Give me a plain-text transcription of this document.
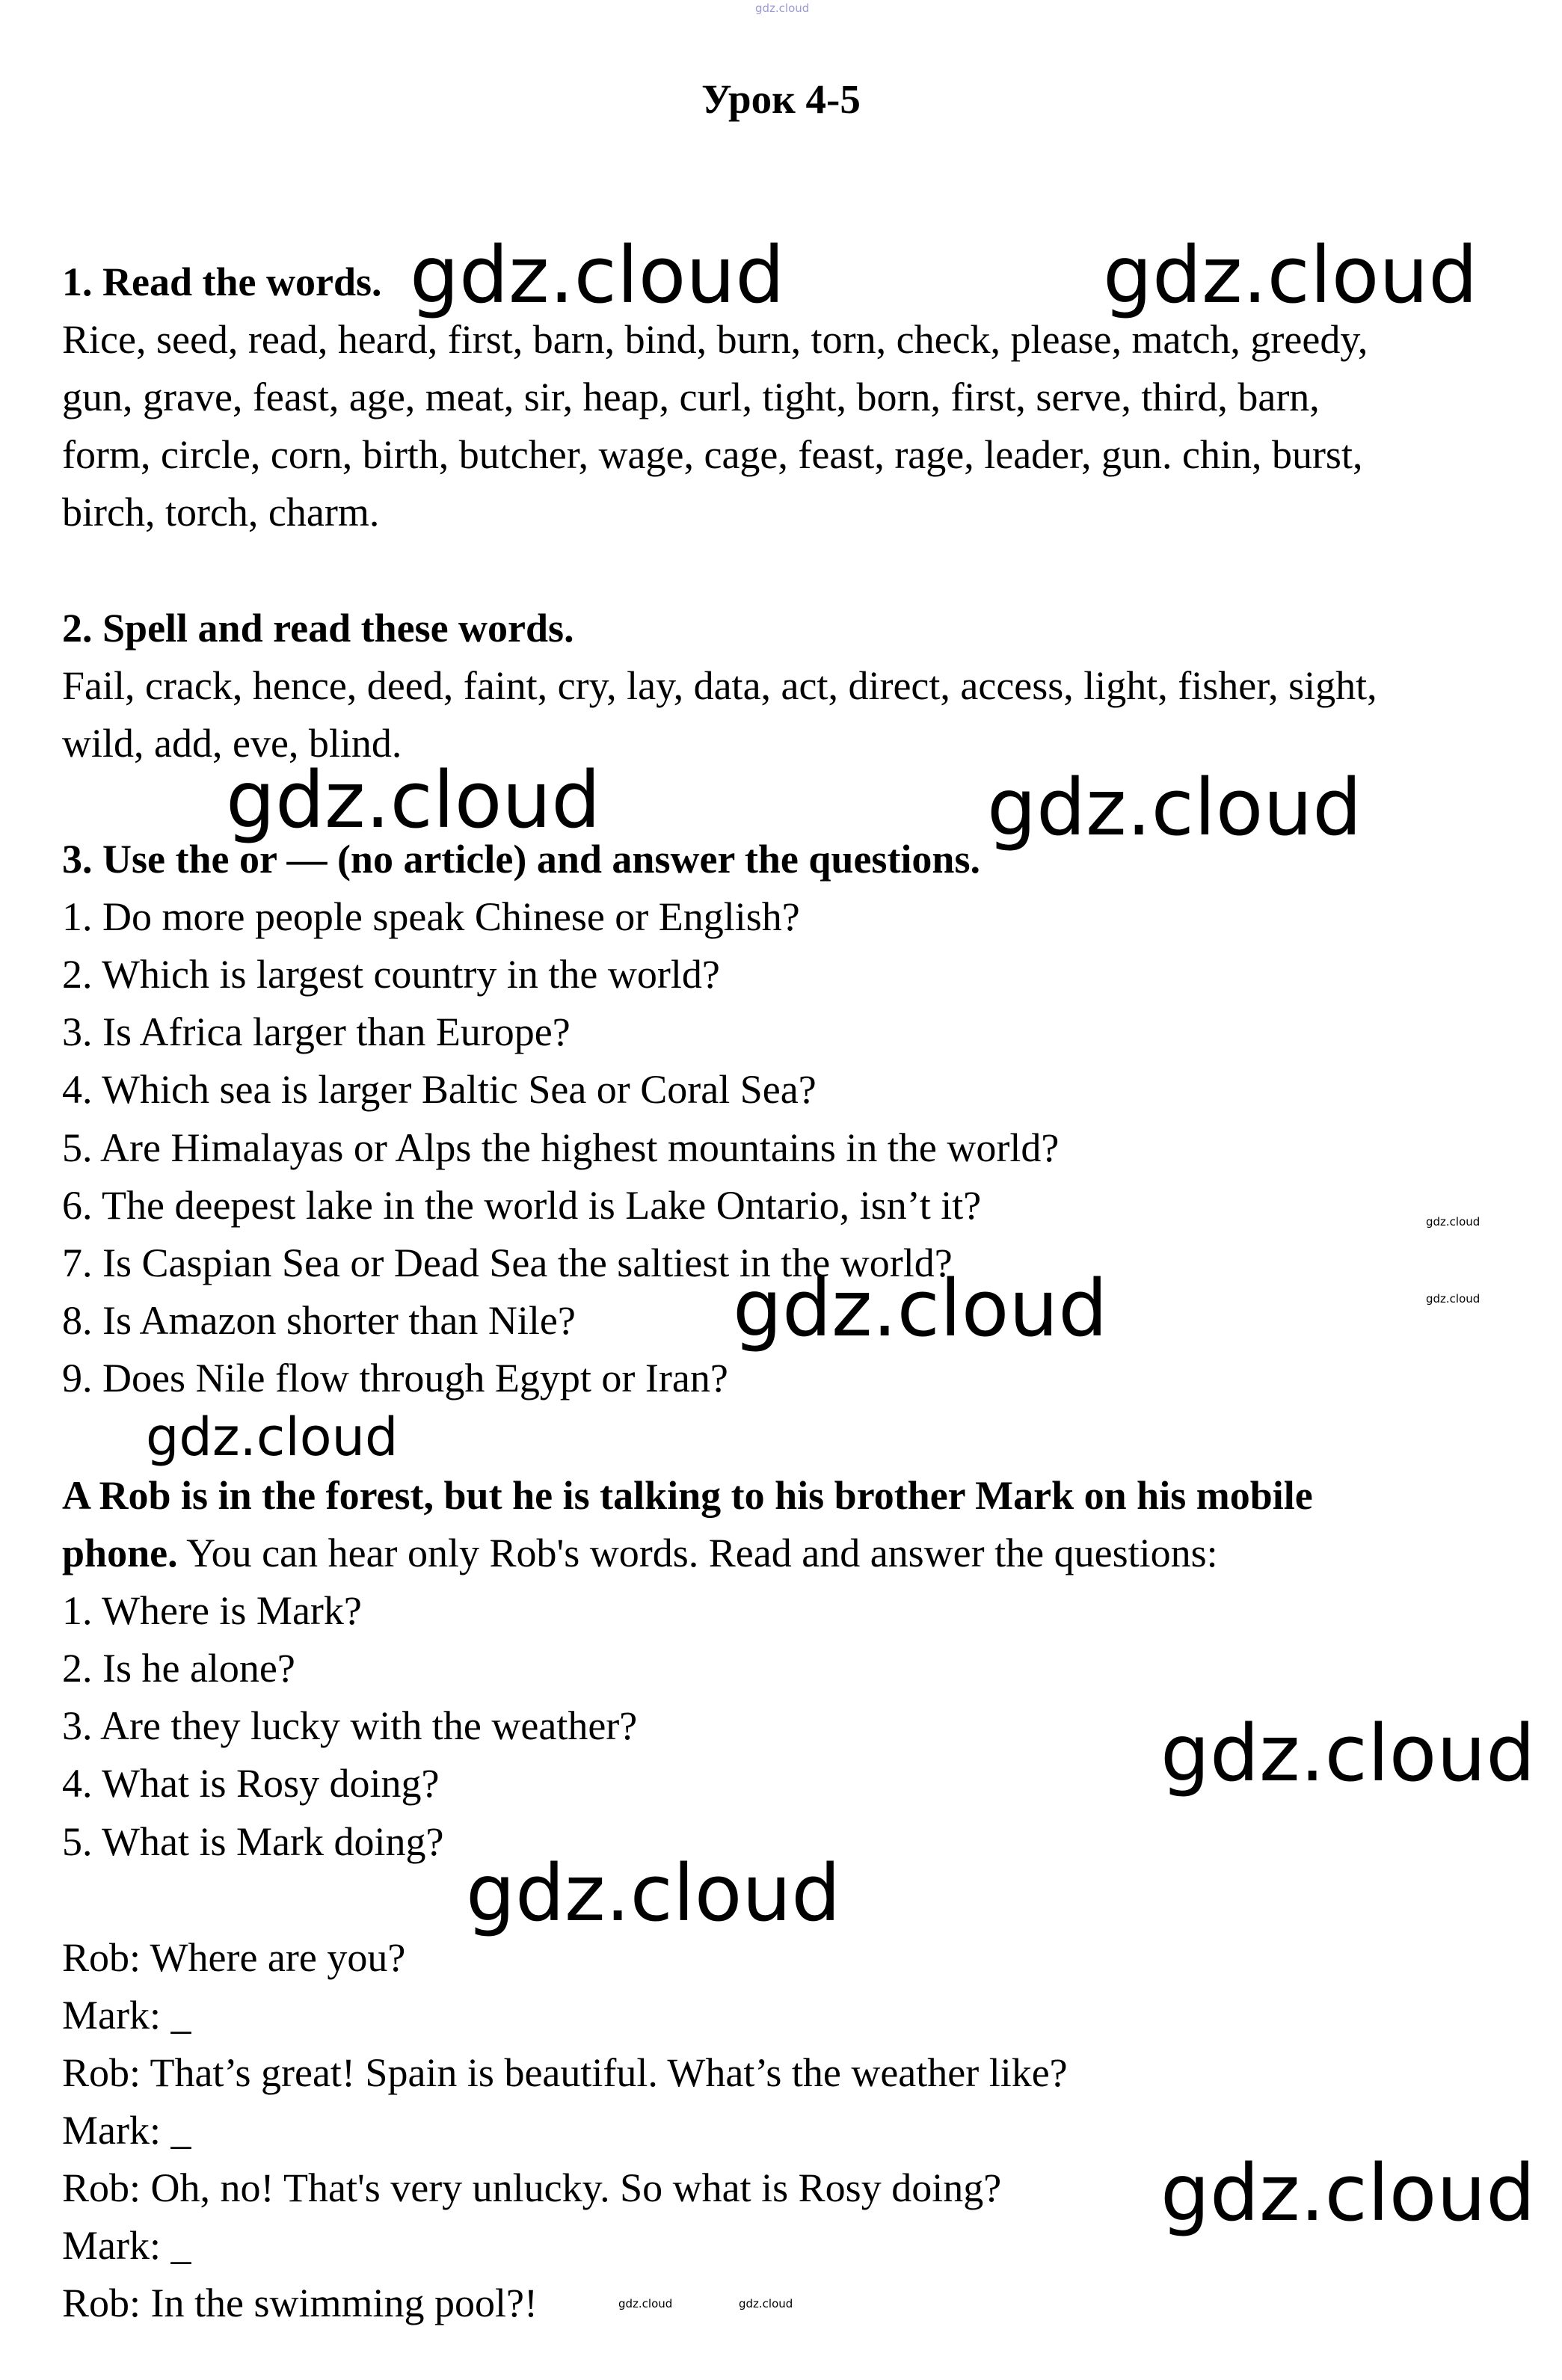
gdz.cloud
Урок 4-5
1. Read the words.
Rice, seed, read, heard, first, barn, bind, burn, torn, check, please, match, greedy,
gun, grave, feast, age, meat, sir, heap, curl, tight, born, first, serve, third, barn,
form, circle, corn, birth, butcher, wage, cage, feast, rage, leader, gun. chin, burst,
birch, torch, charm.
2. Spell and read these words.
Fail, crack, hence, deed, faint, cry, lay, data, act, direct, access, light, fisher, sight,
wild, add, eve, blind.
3. Use the or — (no article) and answer the questions.
1. Do more people speak Chinese or English?
2. Which is largest country in the world?
3. Is Africa larger than Europe?
4. Which sea is larger Baltic Sea or Coral Sea?
5. Are Himalayas or Alps the highest mountains in the world?
6. The deepest lake in the world is Lake Ontario, isn’t it?
7. Is Caspian Sea or Dead Sea the saltiest in the world?
8. Is Amazon shorter than Nile?
9. Does Nile flow through Egypt or Iran?
A Rob is in the forest, but he is talking to his brother Mark on his mobile
phone. You can hear only Rob's words. Read and answer the questions:
1. Where is Mark?
2. Is he alone?
3. Are they lucky with the weather?
4. What is Rosy doing?
5. What is Mark doing?
Rob: Where are you?
Mark: _
Rob: That’s great! Spain is beautiful. What’s the weather like?
Mark: _
Rob: Oh, no! That's very unlucky. So what is Rosy doing?
Mark: _
Rob: In the swimming pool?!
gdz.cloud	gdz.cloud
gdz.cloud	gdz.cloud
gdz.cloud
gdz.cloud
gdz.cloud
gdz.cloud
gdz.cloud
gdz.cloud
gdz.cloud
gdz.cloud	gdz.cloud
